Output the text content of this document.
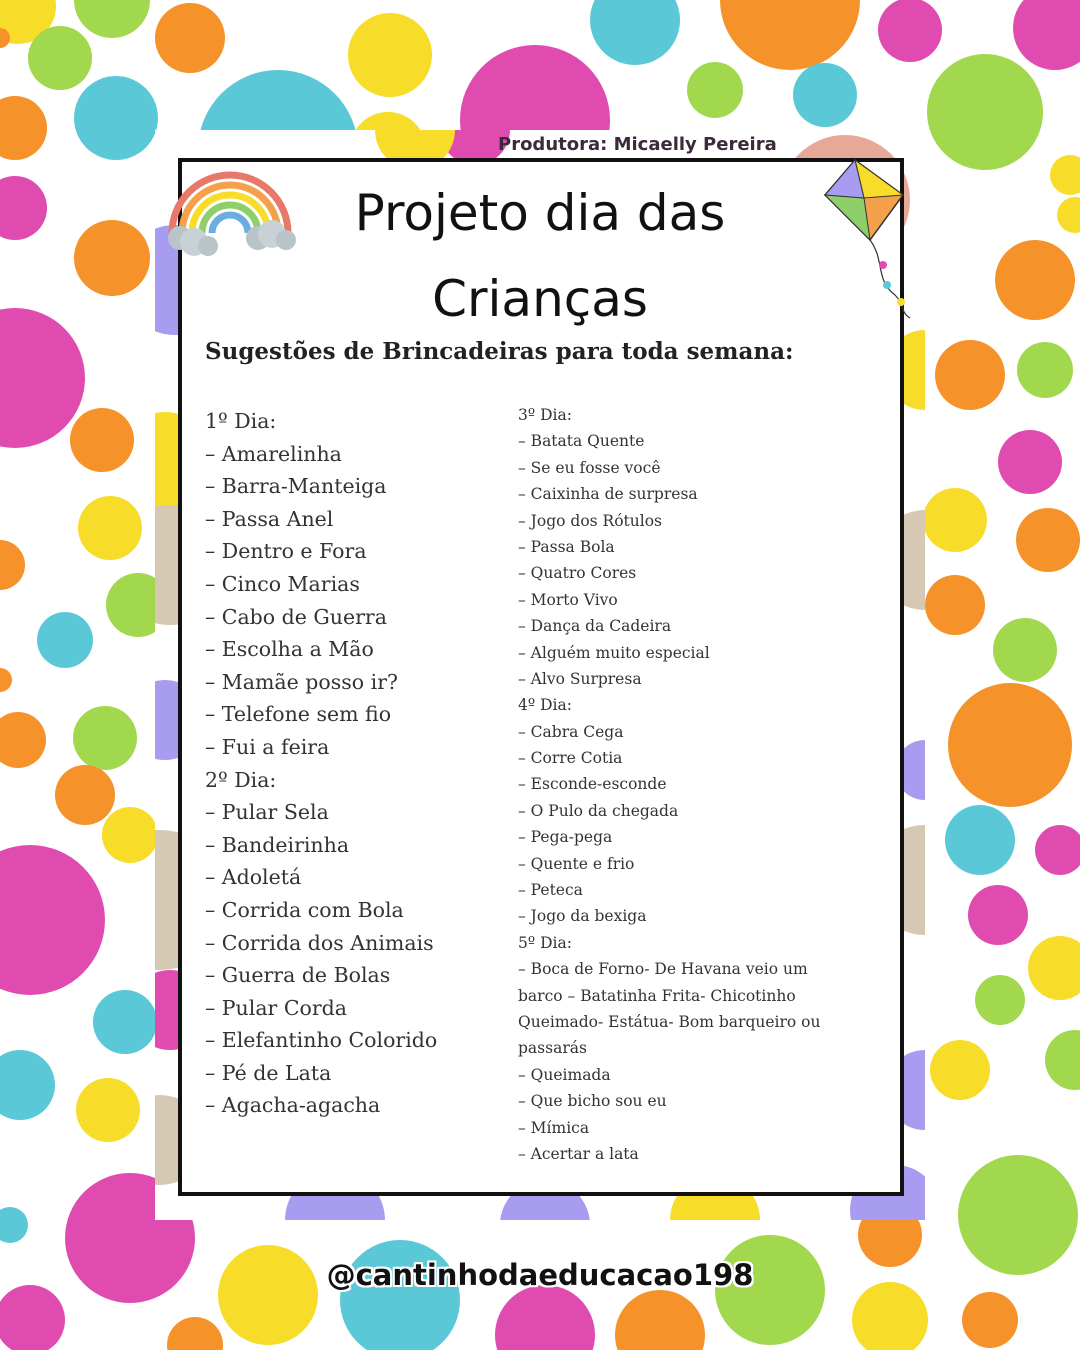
Produtora: Micaelly Pereira
Projeto dia das
Crianças
Sugestões de Brincadeiras para toda semana:
1º Dia:
– Amarelinha
– Barra-Manteiga
– Passa Anel
– Dentro e Fora
– Cinco Marias
– Cabo de Guerra
– Escolha a Mão
– Mamãe posso ir?
– Telefone sem fio
– Fui a feira
2º Dia:
– Pular Sela
– Bandeirinha
– Adoletá
– Corrida com Bola
– Corrida dos Animais
– Guerra de Bolas
– Pular Corda
– Elefantinho Colorido
– Pé de Lata
– Agacha-agacha
3º Dia:
– Batata Quente
– Se eu fosse você
– Caixinha de surpresa
– Jogo dos Rótulos
– Passa Bola
– Quatro Cores
– Morto Vivo
– Dança da Cadeira
– Alguém muito especial
– Alvo Surpresa
4º Dia:
– Cabra Cega
– Corre Cotia
– Esconde-esconde
– O Pulo da chegada
– Pega-pega
– Quente e frio
– Peteca
– Jogo da bexiga
5º Dia:
– Boca de Forno- De Havana veio um
barco – Batatinha Frita- Chicotinho
Queimado- Estátua- Bom barqueiro ou
passarás
– Queimada
– Que bicho sou eu
– Mímica
– Acertar a lata
@cantinhodaeducacao198
